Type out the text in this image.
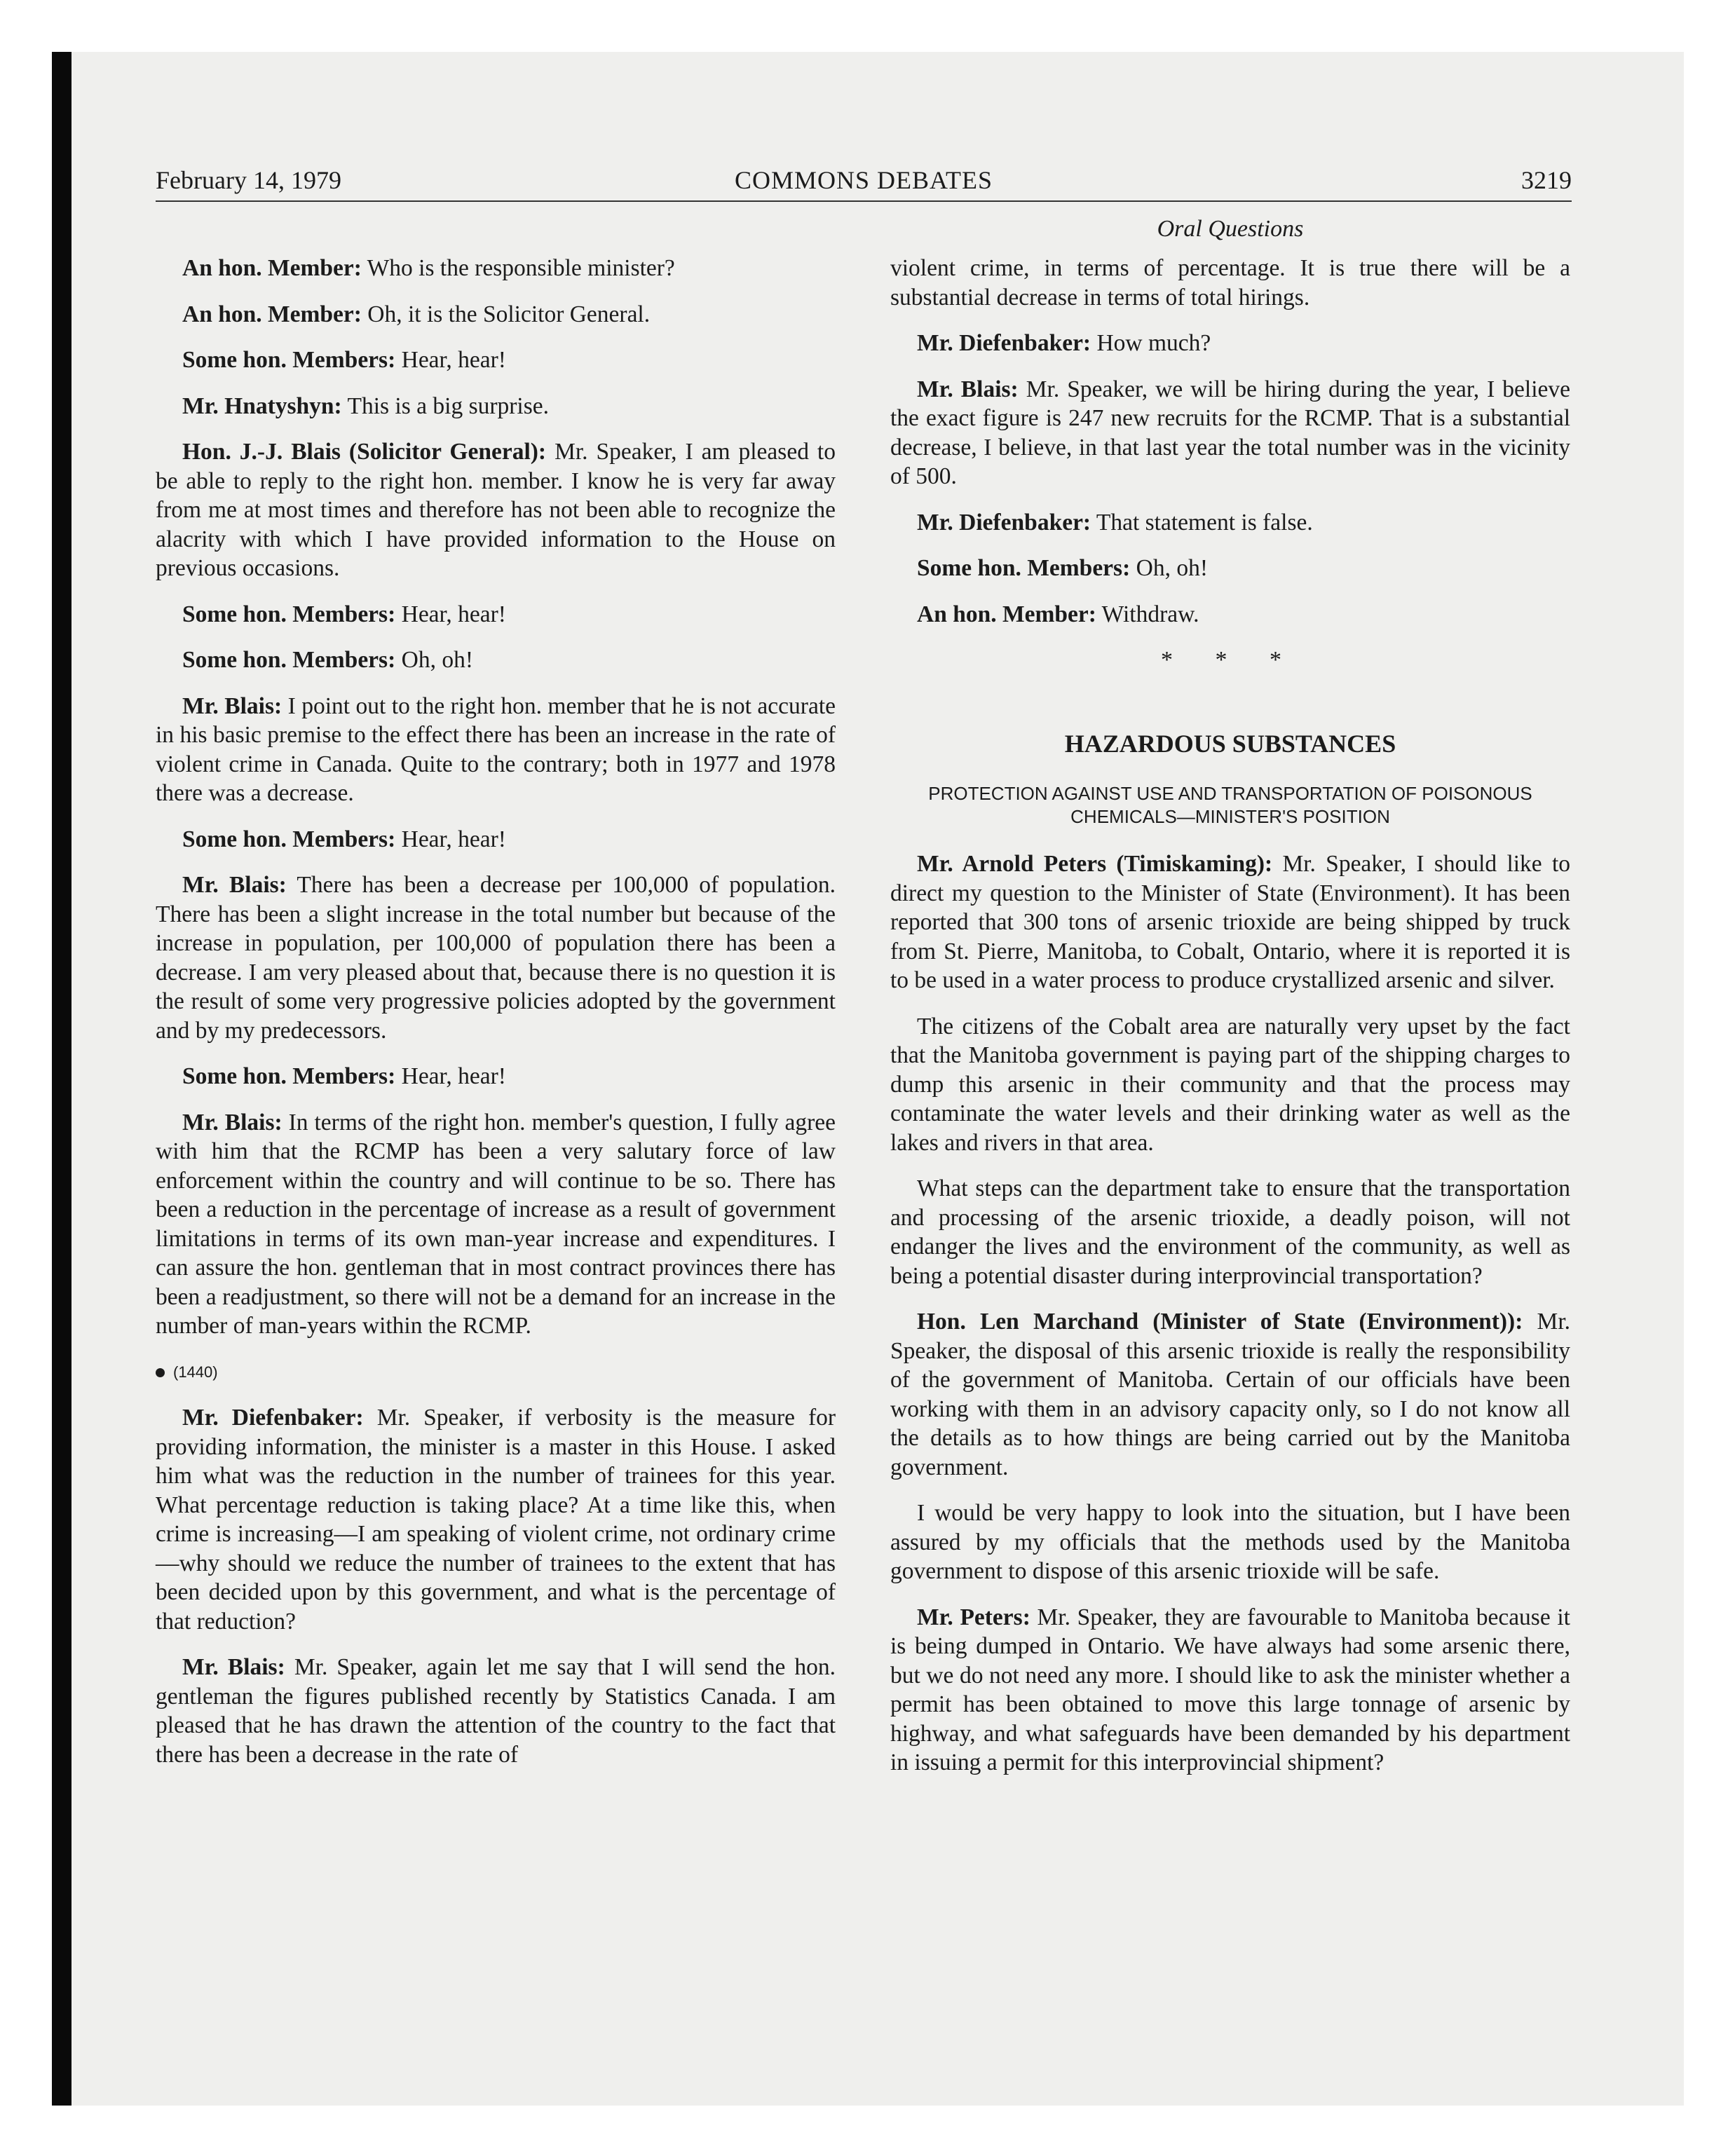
February 14, 1979	COMMONS DEBATES	3219
Oral Questions

An hon. Member: Who is the responsible minister?

An hon. Member: Oh, it is the Solicitor General.

Some hon. Members: Hear, hear!

Mr. Hnatyshyn: This is a big surprise.

Hon. J.-J. Blais (Solicitor General): Mr. Speaker, I am pleased to be able to reply to the right hon. member. I know he is very far away from me at most times and therefore has not been able to recognize the alacrity with which I have provided information to the House on previous occasions.

Some hon. Members: Hear, hear!

Some hon. Members: Oh, oh!

Mr. Blais: I point out to the right hon. member that he is not accurate in his basic premise to the effect there has been an increase in the rate of violent crime in Canada. Quite to the contrary; both in 1977 and 1978 there was a decrease.

Some hon. Members: Hear, hear!

Mr. Blais: There has been a decrease per 100,000 of population. There has been a slight increase in the total number but because of the increase in population, per 100,000 of population there has been a decrease. I am very pleased about that, because there is no question it is the result of some very progressive policies adopted by the government and by my predecessors.

Some hon. Members: Hear, hear!

Mr. Blais: In terms of the right hon. member's question, I fully agree with him that the RCMP has been a very salutary force of law enforcement within the country and will continue to be so. There has been a reduction in the percentage of increase as a result of government limitations in terms of its own man-year increase and expenditures. I can assure the hon. gentleman that in most contract provinces there has been a readjustment, so there will not be a demand for an increase in the number of man-years within the RCMP.

(1440)

Mr. Diefenbaker: Mr. Speaker, if verbosity is the measure for providing information, the minister is a master in this House. I asked him what was the reduction in the number of trainees for this year. What percentage reduction is taking place? At a time like this, when crime is increasing—I am speaking of violent crime, not ordinary crime—why should we reduce the number of trainees to the extent that has been decided upon by this government, and what is the percentage of that reduction?

Mr. Blais: Mr. Speaker, again let me say that I will send the hon. gentleman the figures published recently by Statistics Canada. I am pleased that he has drawn the attention of the country to the fact that there has been a decrease in the rate of

violent crime, in terms of percentage. It is true there will be a substantial decrease in terms of total hirings.

Mr. Diefenbaker: How much?

Mr. Blais: Mr. Speaker, we will be hiring during the year, I believe the exact figure is 247 new recruits for the RCMP. That is a substantial decrease, I believe, in that last year the total number was in the vicinity of 500.

Mr. Diefenbaker: That statement is false.

Some hon. Members: Oh, oh!

An hon. Member: Withdraw.

* * *
HAZARDOUS SUBSTANCES
PROTECTION AGAINST USE AND TRANSPORTATION OF POISONOUS CHEMICALS—MINISTER'S POSITION

Mr. Arnold Peters (Timiskaming): Mr. Speaker, I should like to direct my question to the Minister of State (Environment). It has been reported that 300 tons of arsenic trioxide are being shipped by truck from St. Pierre, Manitoba, to Cobalt, Ontario, where it is reported it is to be used in a water process to produce crystallized arsenic and silver.

The citizens of the Cobalt area are naturally very upset by the fact that the Manitoba government is paying part of the shipping charges to dump this arsenic in their community and that the process may contaminate the water levels and their drinking water as well as the lakes and rivers in that area.

What steps can the department take to ensure that the transportation and processing of the arsenic trioxide, a deadly poison, will not endanger the lives and the environment of the community, as well as being a potential disaster during interprovincial transportation?

Hon. Len Marchand (Minister of State (Environment)): Mr. Speaker, the disposal of this arsenic trioxide is really the responsibility of the government of Manitoba. Certain of our officials have been working with them in an advisory capacity only, so I do not know all the details as to how things are being carried out by the Manitoba government.

I would be very happy to look into the situation, but I have been assured by my officials that the methods used by the Manitoba government to dispose of this arsenic trioxide will be safe.

Mr. Peters: Mr. Speaker, they are favourable to Manitoba because it is being dumped in Ontario. We have always had some arsenic there, but we do not need any more. I should like to ask the minister whether a permit has been obtained to move this large tonnage of arsenic by highway, and what safeguards have been demanded by his department in issuing a permit for this interprovincial shipment?
